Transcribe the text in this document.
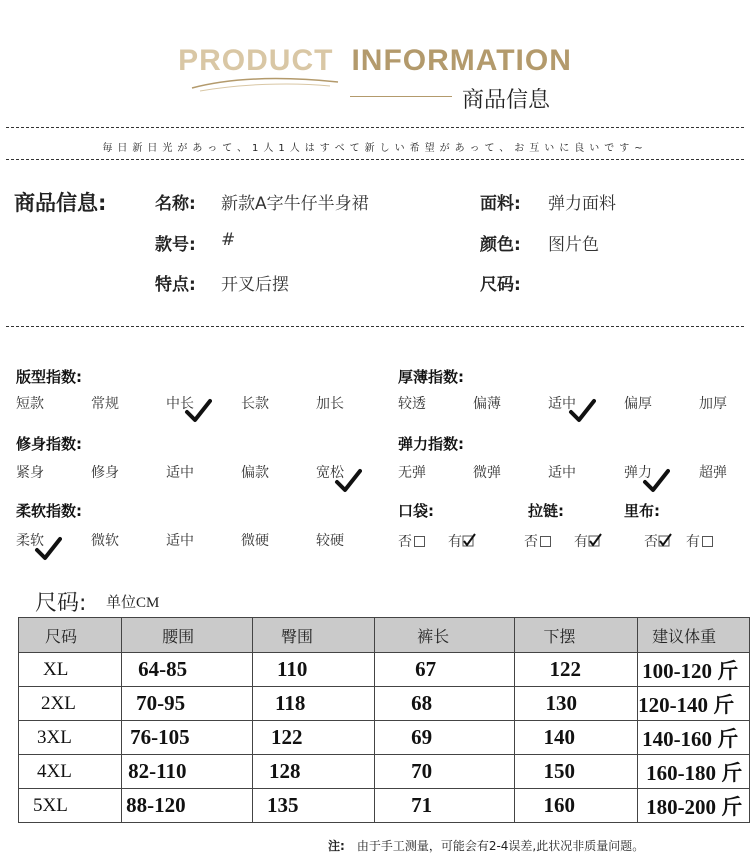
PRODUCT INFORMATION
商品信息
毎日新日光があって、1人1人はすべて新しい希望があって、お互いに良いです~
商品信息:	名称: 新款A字牛仔半身裙	面料: 弹力面料
款号: #	颜色: 图片色
特点: 开叉后摆	尺码:
版型指数:
短款	常规	中长	长款	加长
厚薄指数:
较透	偏薄	适中	偏厚	加厚
修身指数:
紧身	修身	适中	偏款	宽松
弹力指数:
无弹	微弹	适中	弹力	超弹
柔软指数:
柔软	微软	适中	微硬	较硬
口袋:
否	有
拉链:
否	有
里布:
否	有
尺码: 单位CM
尺码	腰围	臀围	裤长	下摆	建议体重
XL	64-85	110	67	122	100-120 斤
2XL	70-95	118	68	130	120-140 斤
3XL	76-105	122	69	140	140-160 斤
4XL	82-110	128	70	150	160-180 斤
5XL	88-120	135	71	160	180-200 斤
注: 由于手工测量，可能会有2-4误差,此状况非质量问题。
